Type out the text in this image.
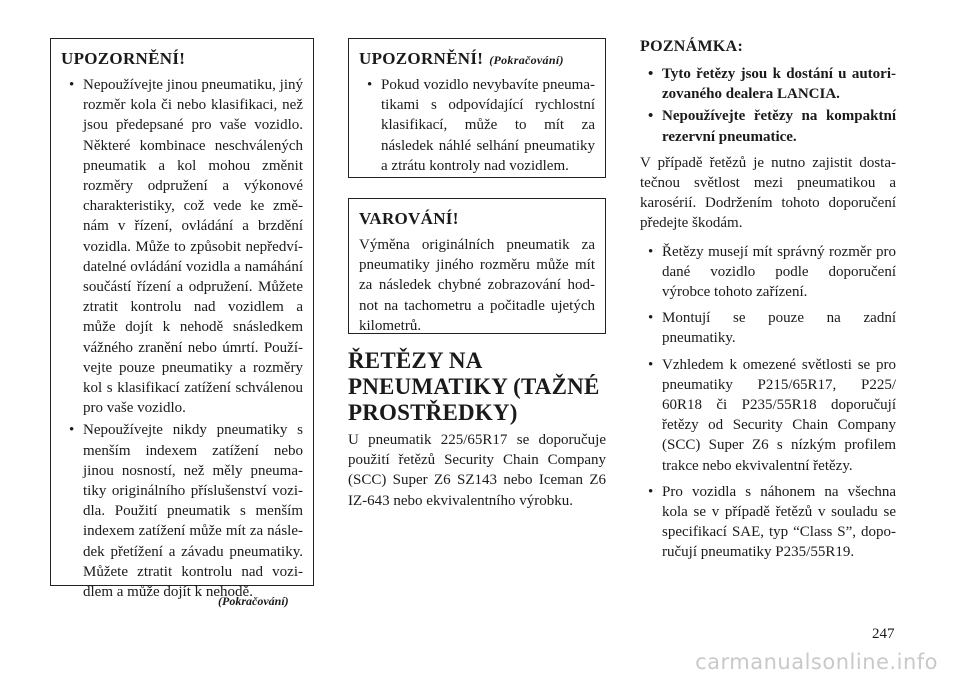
UPOZORNĚNÍ!
• Nepoužívejte jinou pneumatiku, jiný rozměr kola či nebo klasifikaci, než jsou předepsané pro vaše vozidlo. Některé kombinace neschválených pneumatik a kol mohou změnit rozměry odpružení a výkonové charakteristiky, což vede ke změnám v řízení, ovládání a brzdění vozidla. Může to způsobit nepředvídatelné ovládání vozidla a namáhání součástí řízení a odpružení. Můžete ztratit kontrolu nad vozidlem a může dojít k nehodě snásledkem vážného zranění nebo úmrtí. Používejte pouze pneumatiky a rozměry kol s klasifikací zatížení schválenou pro vaše vozidlo.
• Nepoužívejte nikdy pneumatiky s menším indexem zatížení nebo jinou nosností, než měly pneumatiky originálního příslušenství vozidla. Použití pneumatik s menším indexem zatížení může mít za následek přetížení a závadu pneumatiky. Můžete ztratit kontrolu nad vozidlem a může dojít k nehodě.
(Pokračování)
UPOZORNĚNÍ! (Pokračování)
• Pokud vozidlo nevybavíte pneumatikami s odpovídající rychlostní klasifikací, může to mít za následek náhlé selhání pneumatiky a ztrátu kontroly nad vozidlem.
VAROVÁNÍ!

Výměna originálních pneumatik za pneumatiky jiného rozměru může mít za následek chybné zobrazování hodnot na tachometru a počitadle ujetých kilometrů.

ŘETĚZY NA
PNEUMATIKY (TAŽNÉ
PROSTŘEDKY)

U pneumatik 225/65R17 se doporučuje použití řetězů Security Chain Company (SCC) Super Z6 SZ143 nebo Iceman Z6 IZ-643 nebo ekvivalentního výrobku.

POZNÁMKA:
• Tyto řetězy jsou k dostání u autorizovaného dealera LANCIA.
• Nepoužívejte řetězy na kompaktní rezervní pneumatice.

V případě řetězů je nutno zajistit dostatečnou světlost mezi pneumatikou a karosérií. Dodržením tohoto doporučení předejte škodám.

• Řetězy musejí mít správný rozměr pro dané vozidlo podle doporučení výrobce tohoto zařízení.
• Montují se pouze na zadní pneumatiky.
• Vzhledem k omezené světlosti se pro pneumatiky P215/65R17, P225/ 60R18 či P235/55R18 doporučují řetězy od Security Chain Company (SCC) Super Z6 s nízkým profilem trakce nebo ekvivalentní řetězy.
• Pro vozidla s náhonem na všechna kola se v případě řetězů v souladu se specifikací SAE, typ “Class S”, doporučují pneumatiky P235/55R19.
247
carmanualsonline.info
